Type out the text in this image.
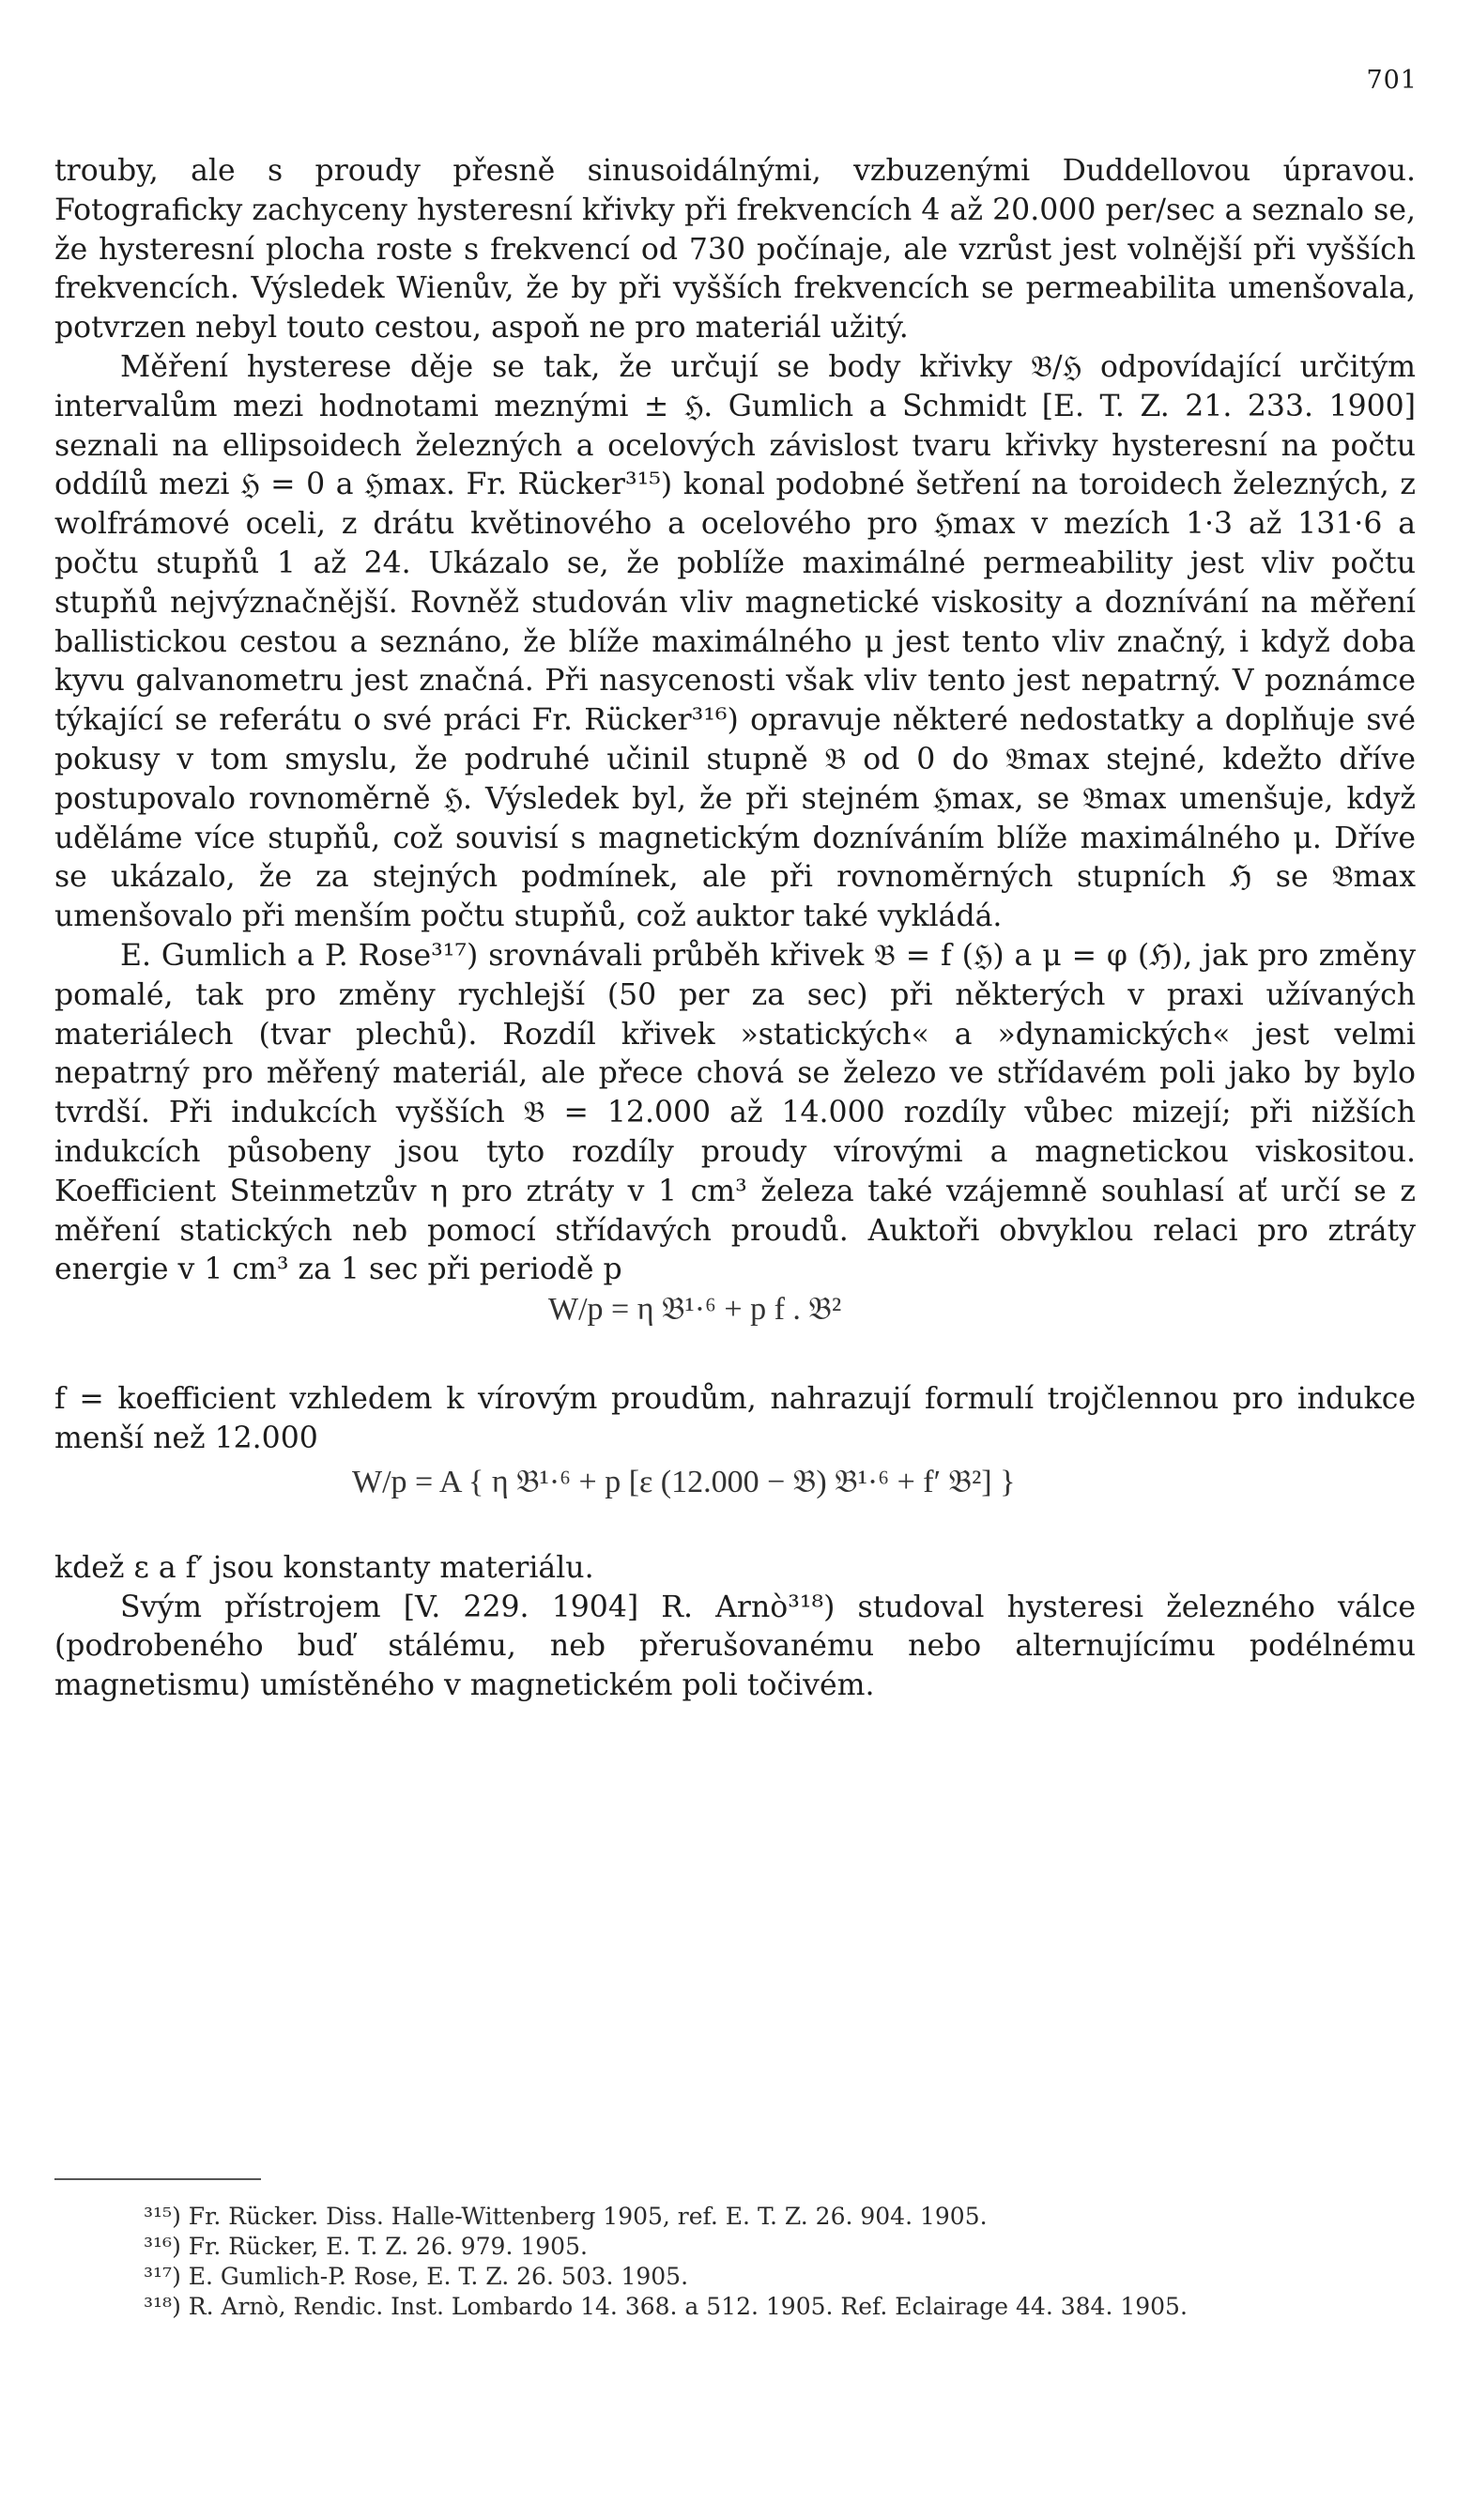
701

trouby, ale s proudy přesně sinusoidálnými, vzbuzenými Duddellovou úpravou. Fotograficky zachyceny hysteresní křivky při frekvencích 4 až 20.000 per/sec a seznalo se, že hysteresní plocha roste s frekvencí od 730 počínaje, ale vzrůst jest volnější při vyšších frekvencích. Výsledek Wienův, že by při vyšších frekvencích se permeabilita umenšovala, potvrzen nebyl touto cestou, aspoň ne pro materiál užitý.

Měření hysterese děje se tak, že určují se body křivky 𝔅/ℌ odpovídající určitým intervalům mezi hodnotami meznými ± ℌ. Gumlich a Schmidt [E. T. Z. 21. 233. 1900] seznali na ellipsoidech železných a ocelových závislost tvaru křivky hysteresní na počtu oddílů mezi ℌ = 0 a ℌmax. Fr. Rücker³¹⁵) konal podobné šetření na toroidech železných, z wolfrámové oceli, z drátu květinového a ocelového pro ℌmax v mezích 1·3 až 131·6 a počtu stupňů 1 až 24. Ukázalo se, že poblíže maximálné permeability jest vliv počtu stupňů nejvýznačnější. Rovněž studován vliv magnetické viskosity a doznívání na měření ballistickou cestou a seznáno, že blíže maximálného μ jest tento vliv značný, i když doba kyvu galvanometru jest značná. Při nasycenosti však vliv tento jest nepatrný. V poznámce týkající se referátu o své práci Fr. Rücker³¹⁶) opravuje některé nedostatky a doplňuje své pokusy v tom smyslu, že podruhé učinil stupně 𝔅 od 0 do 𝔅max stejné, kdežto dříve postupovalo rovnoměrně ℌ. Výsledek byl, že při stejném ℌmax, se 𝔅max umenšuje, když uděláme více stupňů, což souvisí s magnetickým dozníváním blíže maximálného μ. Dříve se ukázalo, že za stejných podmínek, ale při rovnoměrných stupních ℌ se 𝔅max umenšovalo při menším počtu stupňů, což auktor také vykládá.

E. Gumlich a P. Rose³¹⁷) srovnávali průběh křivek 𝔅 = f (ℌ) a μ = φ (ℌ), jak pro změny pomalé, tak pro změny rychlejší (50 per za sec) při některých v praxi užívaných materiálech (tvar plechů). Rozdíl křivek »statických« a »dynamických« jest velmi nepatrný pro měřený materiál, ale přece chová se železo ve střídavém poli jako by bylo tvrdší. Při indukcích vyšších 𝔅 = 12.000 až 14.000 rozdíly vůbec mizejí; při nižších indukcích působeny jsou tyto rozdíly proudy vírovými a magnetickou viskositou. Koefficient Steinmetzův η pro ztráty v 1 cm³ železa také vzájemně souhlasí ať určí se z měření statických neb pomocí střídavých proudů. Auktoři obvyklou relaci pro ztráty energie v 1 cm³ za 1 sec při periodě p

W/p = η 𝔅¹·⁶ + p f . 𝔅²

f = koefficient vzhledem k vírovým proudům, nahrazují formulí trojčlennou pro indukce menší než 12.000

W/p = A { η 𝔅¹·⁶ + p [ε (12.000 − 𝔅) 𝔅¹·⁶ + f′ 𝔅²] }

kdež ε a f′ jsou konstanty materiálu.

Svým přístrojem [V. 229. 1904] R. Arnò³¹⁸) studoval hysteresi železného válce (podrobeného buď stálému, neb přerušovanému nebo alternujícímu podélnému magnetismu) umístěného v magnetickém poli točivém.

³¹⁵) Fr. Rücker. Diss. Halle-Wittenberg 1905, ref. E. T. Z. 26. 904. 1905.
³¹⁶) Fr. Rücker, E. T. Z. 26. 979. 1905.
³¹⁷) E. Gumlich-P. Rose, E. T. Z. 26. 503. 1905.
³¹⁸) R. Arnò, Rendic. Inst. Lombardo 14. 368. a 512. 1905. Ref. Eclairage 44. 384. 1905.
